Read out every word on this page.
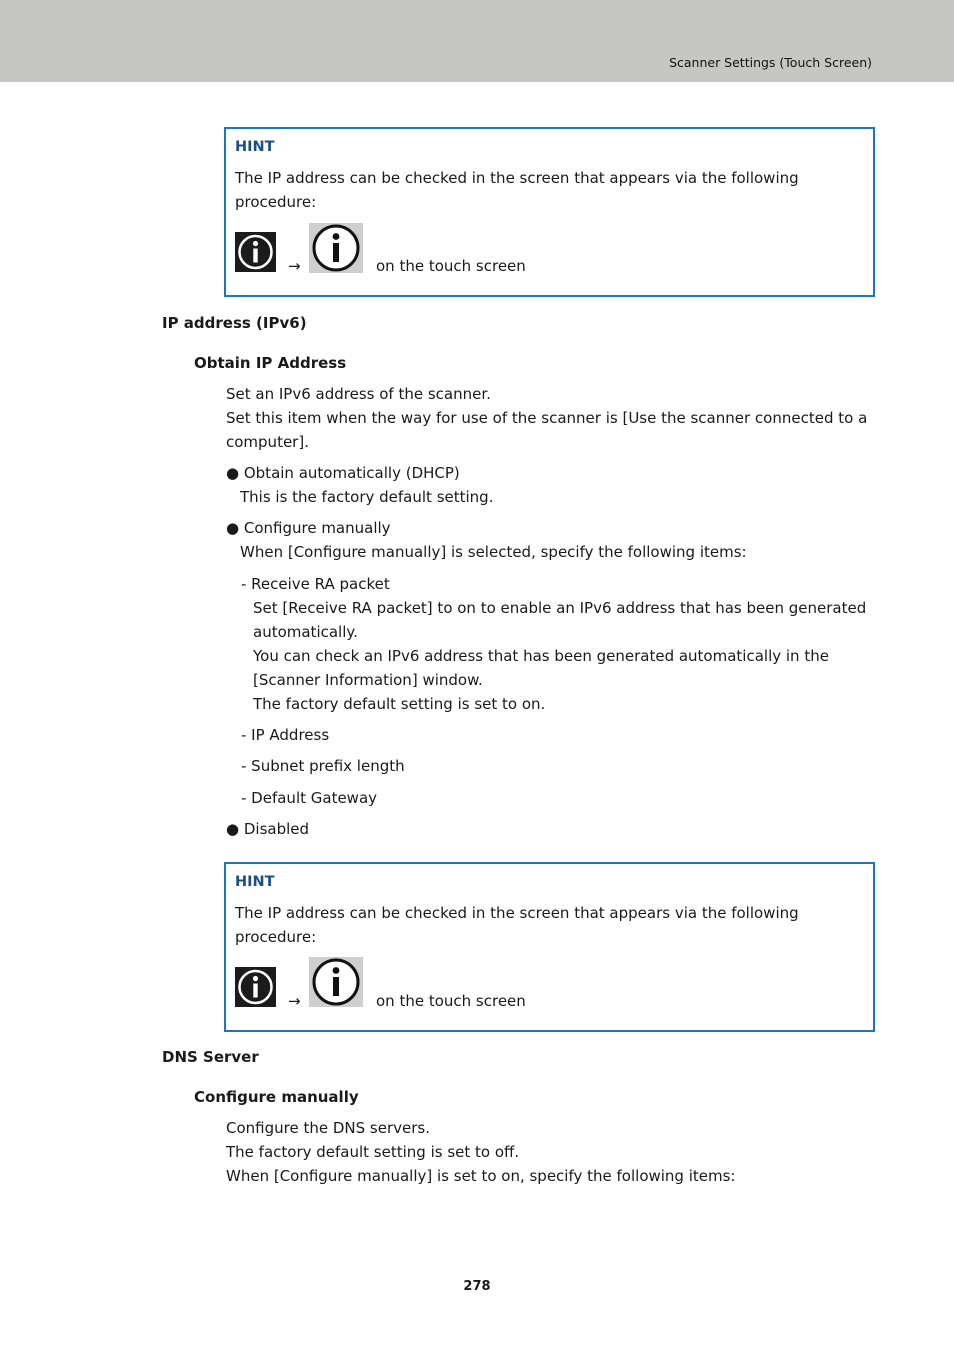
Scanner Settings (Touch Screen)
HINT
The IP address can be checked in the screen that appears via the following
procedure:
→	on the touch screen
IP address (IPv6)
Obtain IP Address
Set an IPv6 address of the scanner.
Set this item when the way for use of the scanner is [Use the scanner connected to a
computer].
● Obtain automatically (DHCP)
This is the factory default setting.
● Configure manually
When [Configure manually] is selected, specify the following items:
- Receive RA packet
Set [Receive RA packet] to on to enable an IPv6 address that has been generated
automatically.
You can check an IPv6 address that has been generated automatically in the
[Scanner Information] window.
The factory default setting is set to on.
- IP Address
- Subnet prefix length
- Default Gateway
● Disabled
HINT
The IP address can be checked in the screen that appears via the following
procedure:
→	on the touch screen
DNS Server
Configure manually
Configure the DNS servers.
The factory default setting is set to off.
When [Configure manually] is set to on, specify the following items:
278
